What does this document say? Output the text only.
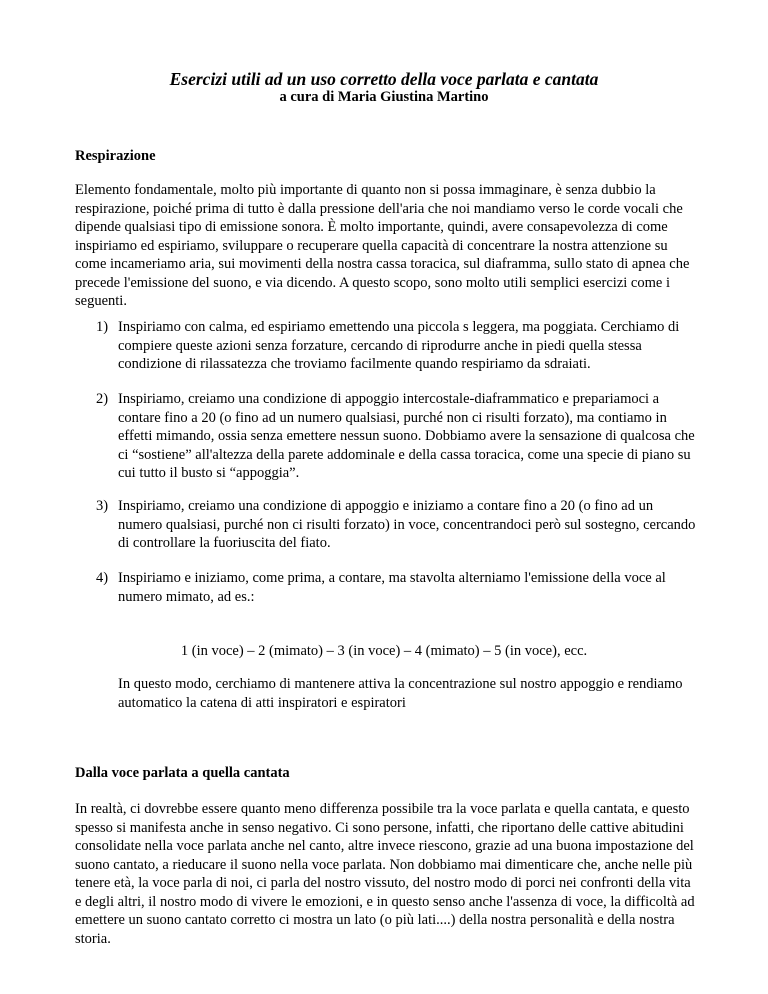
Esercizi utili ad un uso corretto della voce parlata e cantata
a cura di Maria Giustina Martino
Respirazione

Elemento fondamentale, molto più importante di quanto non si possa immaginare, è senza dubbio la respirazione, poiché prima di tutto è dalla pressione dell'aria che noi mandiamo verso le corde vocali che dipende qualsiasi tipo di emissione sonora. È molto importante, quindi, avere consapevolezza di come inspiriamo ed espiriamo, sviluppare o recuperare quella capacità di concentrare la nostra attenzione su come incameriamo aria, sui movimenti della nostra cassa toracica, sul diaframma, sullo stato di apnea che precede l'emissione del suono, e via dicendo. A questo scopo, sono molto utili semplici esercizi come i seguenti.

1) Inspiriamo con calma, ed espiriamo emettendo una piccola s leggera, ma poggiata. Cerchiamo di compiere queste azioni senza forzature, cercando di riprodurre anche in piedi quella stessa condizione di rilassatezza che troviamo facilmente quando respiriamo da sdraiati.
2) Inspiriamo, creiamo una condizione di appoggio intercostale-diaframmatico e prepariamoci a contare fino a 20 (o fino ad un numero qualsiasi, purché non ci risulti forzato), ma contiamo in effetti mimando, ossia senza emettere nessun suono. Dobbiamo avere la sensazione di qualcosa che ci “sostiene” all'altezza della parete addominale e della cassa toracica, come una specie di piano su cui tutto il busto si “appoggia”.
3) Inspiriamo, creiamo una condizione di appoggio e iniziamo a contare fino a 20 (o fino ad un numero qualsiasi, purché non ci risulti forzato) in voce, concentrandoci però sul sostegno, cercando di controllare la fuoriuscita del fiato.
4) Inspiriamo e iniziamo, come prima, a contare, ma stavolta alterniamo l'emissione della voce al numero mimato, ad es.:
1 (in voce) – 2 (mimato) – 3 (in voce) – 4 (mimato) – 5 (in voce), ecc.
In questo modo, cerchiamo di mantenere attiva la concentrazione sul nostro appoggio e rendiamo automatico la catena di atti inspiratori e espiratori
Dalla voce parlata a quella cantata

In realtà, ci dovrebbe essere quanto meno differenza possibile tra la voce parlata e quella cantata, e questo spesso si manifesta anche in senso negativo. Ci sono persone, infatti, che riportano delle cattive abitudini consolidate nella voce parlata anche nel canto, altre invece riescono, grazie ad una buona impostazione del suono cantato, a rieducare il suono nella voce parlata. Non dobbiamo mai dimenticare che, anche nelle più tenere età, la voce parla di noi, ci parla del nostro vissuto, del nostro modo di porci nei confronti della vita e degli altri, il nostro modo di vivere le emozioni, e in questo senso anche l'assenza di voce, la difficoltà ad emettere un suono cantato corretto ci mostra un lato (o più lati....) della nostra personalità e della nostra storia.
